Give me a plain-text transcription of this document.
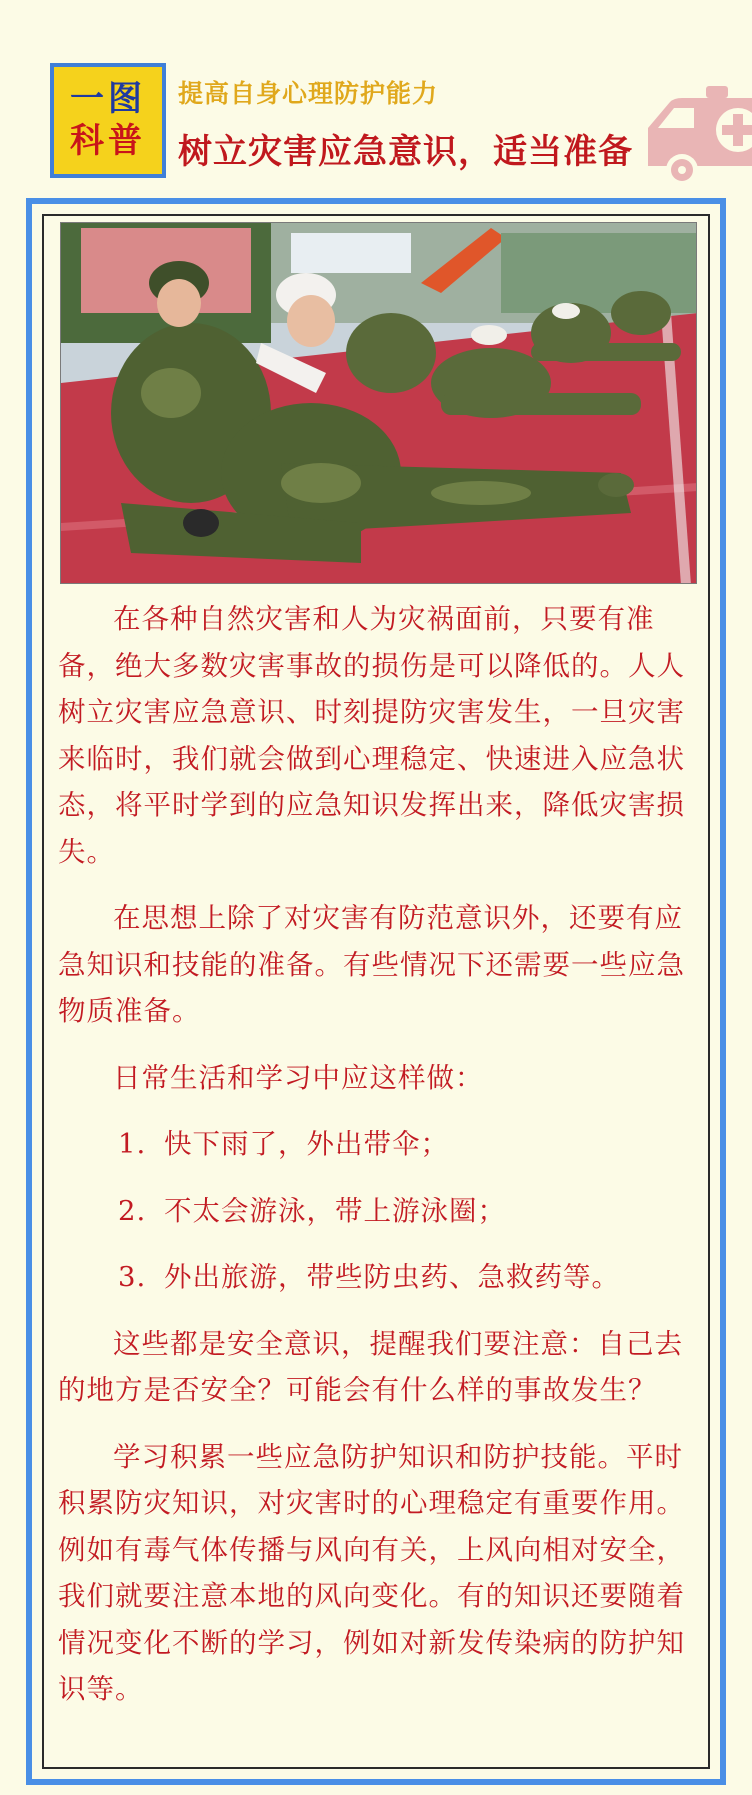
一图
科普
提高自身心理防护能力
树立灾害应急意识，适当准备

在各种自然灾害和人为灾祸面前，只要有准备，绝大多数灾害事故的损伤是可以降低的。人人树立灾害应急意识、时刻提防灾害发生，一旦灾害来临时，我们就会做到心理稳定、快速进入应急状态，将平时学到的应急知识发挥出来，降低灾害损失。

在思想上除了对灾害有防范意识外，还要有应急知识和技能的准备。有些情况下还需要一些应急物质准备。

日常生活和学习中应这样做：

1. 快下雨了，外出带伞；

2. 不太会游泳，带上游泳圈；

3. 外出旅游，带些防虫药、急救药等。

这些都是安全意识，提醒我们要注意：自己去的地方是否安全？可能会有什么样的事故发生？

学习积累一些应急防护知识和防护技能。平时积累防灾知识，对灾害时的心理稳定有重要作用。例如有毒气体传播与风向有关，上风向相对安全，我们就要注意本地的风向变化。有的知识还要随着情况变化不断的学习，例如对新发传染病的防护知识等。
